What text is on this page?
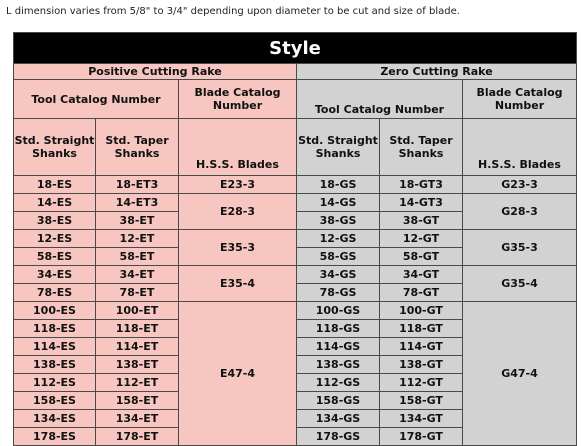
L dimension varies from 5/8" to 3/4" depending upon diameter to be cut and size of blade.
Style					
Positive Cutting Rake			Zero Cutting Rake		
Tool Catalog Number		Blade Catalog Number	Tool Catalog Number		Blade Catalog Number
Std. Straight Shanks	Std. Taper Shanks	H.S.S. Blades	Std. Straight Shanks	Std. Taper Shanks	H.S.S. Blades
18-ES	18-ET3	E23-3	18-GS	18-GT3	G23-3
14-ES	14-ET3	E28-3	14-GS	14-GT3	G28-3
38-ES	38-ET		38-GS	38-GT	
12-ES	12-ET	E35-3	12-GS	12-GT	G35-3
58-ES	58-ET		58-GS	58-GT	
34-ES	34-ET	E35-4	34-GS	34-GT	G35-4
78-ES	78-ET		78-GS	78-GT	
100-ES	100-ET	E47-4	100-GS	100-GT	G47-4
118-ES	118-ET		118-GS	118-GT	
114-ES	114-ET		114-GS	114-GT	
138-ES	138-ET		138-GS	138-GT	
112-ES	112-ET		112-GS	112-GT	
158-ES	158-ET		158-GS	158-GT	
134-ES	134-ET		134-GS	134-GT	
178-ES	178-ET		178-GS	178-GT	
